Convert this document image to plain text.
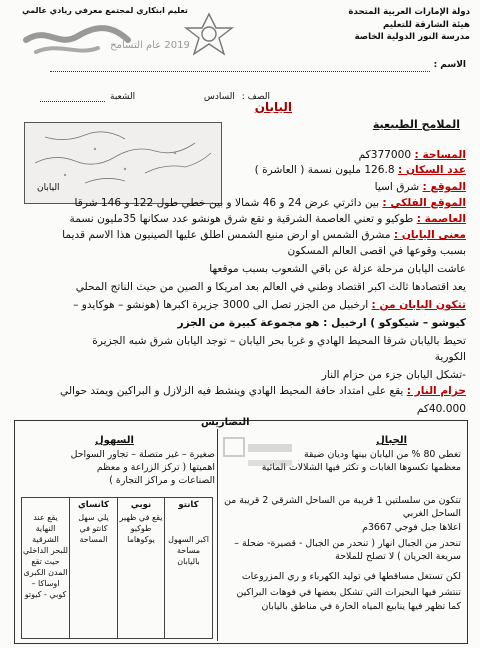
دولة الإمارات العربية المتحدة
هيئة الشارقة للتعليم
مدرسة النور الدولية الخاصة
تعليم ابتكاري لمجتمع معرفي ريادي عالمي
2019 عام التسامح
الاسم :
الصف : السادس
الشعبة
اليابان
الملامح الطبيعية
اليابان
المساحة : 377000كم
عدد السكان : 126.8 مليون نسمة ( العاشرة )
الموقع : شرق اسيا
الموقع الفلكي : بين دائرتي عرض 24 و 46 شمالا و بين خطي طول 122 و 146 شرقا
العاصمة : طوكيو و تعني العاصمة الشرقية و تقع شرق هونشو عدد سكانها 35مليون نسمة
معنى اليابان : مشرق الشمس او ارض منبع الشمس اطلق عليها الصينيون هذا الاسم قديما
بسبب وقوعها في اقصى العالم المسكون
عاشت اليابان مرحلة عزلة عن باقي الشعوب بسبب موقعها
يعد اقتصادها ثالث اكبر اقتصاد وطني في العالم بعد امريكا و الصين من حيث الناتج المحلي
تتكون اليابان من : ارخبيل من الجزر تصل الى 3000 جزيرة اكبرها (هونشو – هوكايدو –
كيوشو – شيكوكو ) ارخبيل : هو مجموعة كبيرة من الجزر
تحيط باليابان شرقا المحيط الهادي و غربا بحر اليابان – توجد اليابان شرق شبه الجزيرة
الكورية
-تشكل اليابان جزء من حزام النار
حزام النار : يقع على امتداد حافة المحيط الهادي وينشط فيه الزلازل و البراكين ويمتد حوالي
40.000كم
التضاريس
الجبال
السهول
تغطي 80 % من اليابان بينها وديان ضيقة
معظمها تكسوها الغابات و تكثر فيها الشلالات المائية
تتكون من سلسلتين 1 قريبة من الساحل الشرقي 2 قريبة من
الساحل الغربي
اعلاها جبل فوجي 3667م
تنحدر من الجبال انهار ( تنحدر من الجبال - قصيرة- ضحلة –
سريعة الجريان ) لا تصلح للملاحة
لكن تستغل مساقطها في توليد الكهرباء و ري المزروعات
تنتشر فيها البحيرات التي تشكل بعضها في فوهات البراكين
كما تظهر فيها ينابيع المياه الحارة في مناطق باليابان
صغيرة – غير متصلة – تجاور السواحل
اهميتها ( تركز الزراعة و معظم
الصناعات و مراكز التجارة )
كانتو
اكبر السهول مساحة باليابان
نوبي
يقع في ظهير طوكيو يوكوهاما
كانساي
يلي سهل كانتو في المساحة
يقع عند النهاية الشرقية للبحر الداخلي حيث تقع المدن الكبرى اوساكا – كوبي - كيوتو
